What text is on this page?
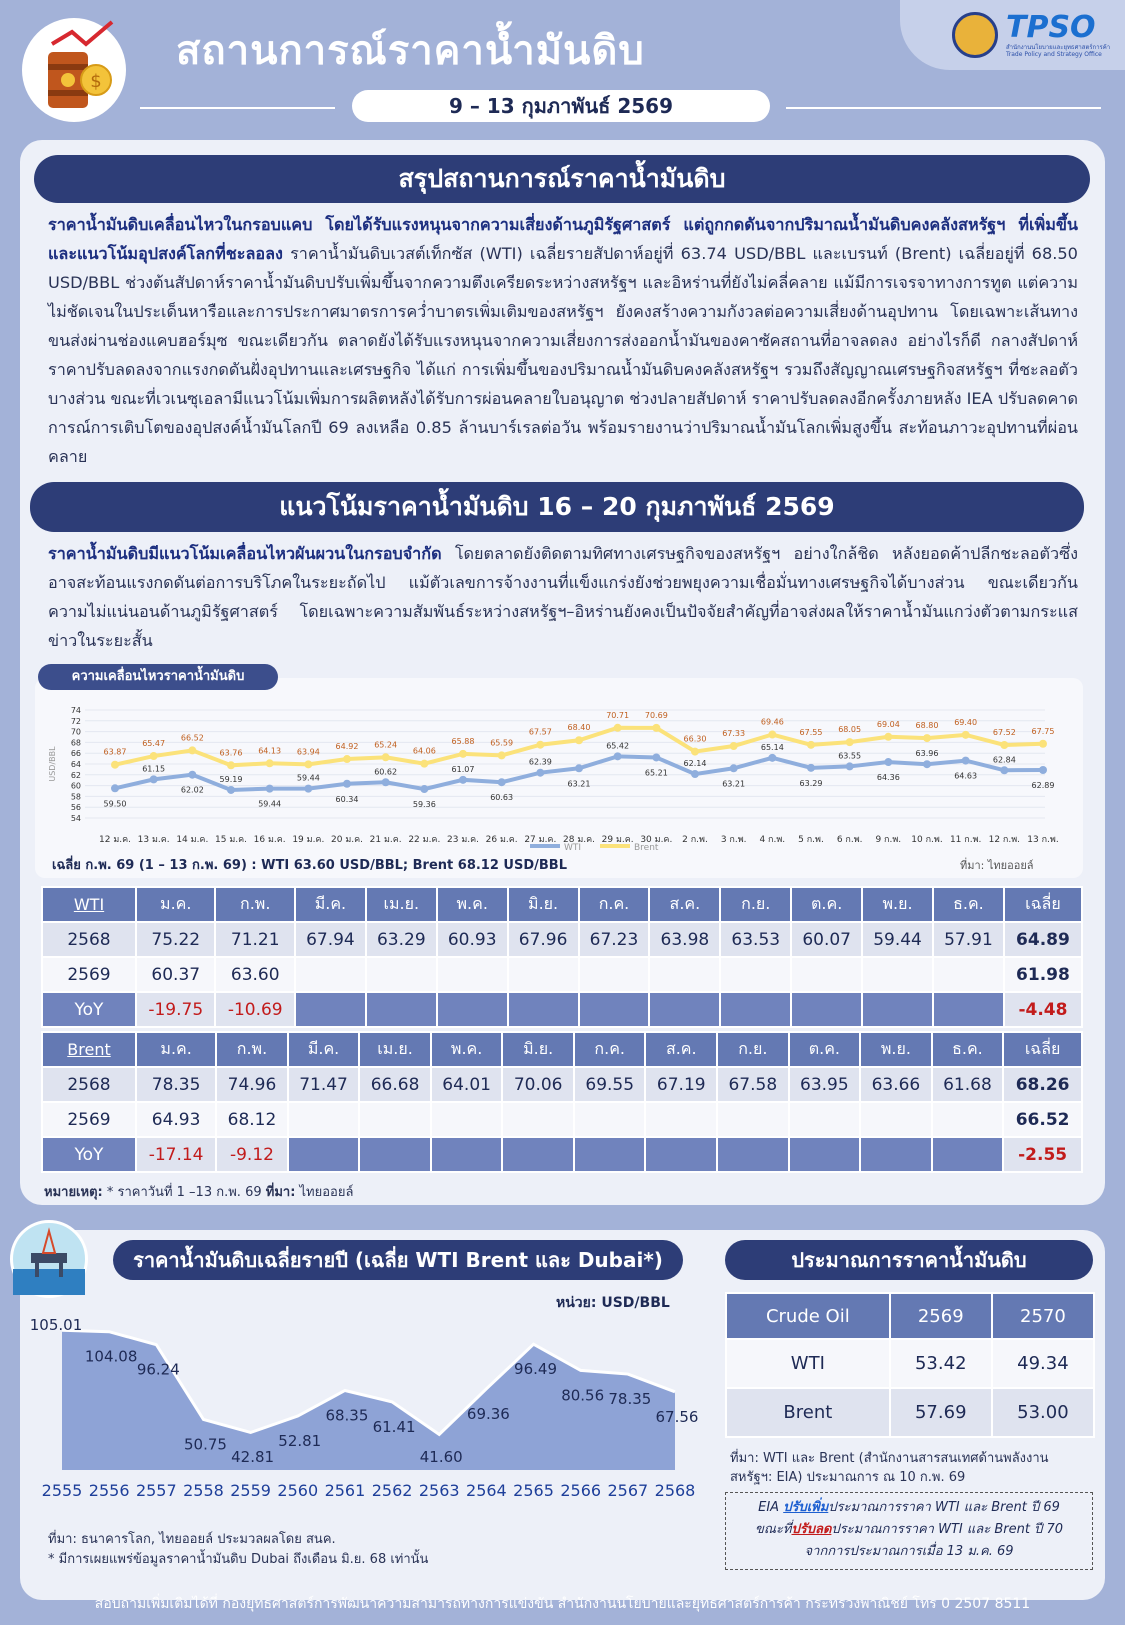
$
สถานการณ์ราคาน้ำมันดิบ
9 – 13 กุมภาพันธ์ 2569
TPSO
สำนักงานนโยบายและยุทธศาสตร์การค้า Trade Policy and Strategy Office
สรุปสถานการณ์ราคาน้ำมันดิบ
ราคาน้ำมันดิบเคลื่อนไหวในกรอบแคบ โดยได้รับแรงหนุนจากความเสี่ยงด้านภูมิรัฐศาสตร์ แต่ถูกกดดันจากปริมาณน้ำมันดิบคงคลังสหรัฐฯ ที่เพิ่มขึ้นและแนวโน้มอุปสงค์โลกที่ชะลอลง ราคาน้ำมันดิบเวสต์เท็กซัส (WTI) เฉลี่ยรายสัปดาห์อยู่ที่ 63.74 USD/BBL และเบรนท์ (Brent) เฉลี่ยอยู่ที่ 68.50 USD/BBL ช่วงต้นสัปดาห์ราคาน้ำมันดิบปรับเพิ่มขึ้นจากความตึงเครียดระหว่างสหรัฐฯ และอิหร่านที่ยังไม่คลี่คลาย แม้มีการเจรจาทางการทูต แต่ความไม่ชัดเจนในประเด็นหารือและการประกาศมาตรการคว่ำบาตรเพิ่มเติมของสหรัฐฯ ยังคงสร้างความกังวลต่อความเสี่ยงด้านอุปทาน โดยเฉพาะเส้นทางขนส่งผ่านช่องแคบฮอร์มุซ ขณะเดียวกัน ตลาดยังได้รับแรงหนุนจากความเสี่ยงการส่งออกน้ำมันของคาซัคสถานที่อาจลดลง อย่างไรก็ดี กลางสัปดาห์ราคาปรับลดลงจากแรงกดดันฝั่งอุปทานและเศรษฐกิจ ได้แก่ การเพิ่มขึ้นของปริมาณน้ำมันดิบคงคลังสหรัฐฯ รวมถึงสัญญาณเศรษฐกิจสหรัฐฯ ที่ชะลอตัวบางส่วน ขณะที่เวเนซุเอลามีแนวโน้มเพิ่มการผลิตหลังได้รับการผ่อนคลายใบอนุญาต ช่วงปลายสัปดาห์ ราคาปรับลดลงอีกครั้งภายหลัง IEA ปรับลดคาดการณ์การเติบโตของอุปสงค์น้ำมันโลกปี 69 ลงเหลือ 0.85 ล้านบาร์เรลต่อวัน พร้อมรายงานว่าปริมาณน้ำมันโลกเพิ่มสูงขึ้น สะท้อนภาวะอุปทานที่ผ่อนคลาย
แนวโน้มราคาน้ำมันดิบ 16 – 20 กุมภาพันธ์ 2569
ราคาน้ำมันดิบมีแนวโน้มเคลื่อนไหวผันผวนในกรอบจำกัด โดยตลาดยังติดตามทิศทางเศรษฐกิจของสหรัฐฯ อย่างใกล้ชิด หลังยอดค้าปลีกชะลอตัวซึ่งอาจสะท้อนแรงกดดันต่อการบริโภคในระยะถัดไป แม้ตัวเลขการจ้างงานที่แข็งแกร่งยังช่วยพยุงความเชื่อมั่นทางเศรษฐกิจได้บางส่วน ขณะเดียวกัน ความไม่แน่นอนด้านภูมิรัฐศาสตร์ โดยเฉพาะความสัมพันธ์ระหว่างสหรัฐฯ–อิหร่านยังคงเป็นปัจจัยสำคัญที่อาจส่งผลให้ราคาน้ำมันแกว่งตัวตามกระแสข่าวในระยะสั้น
ความเคลื่อนไหวราคาน้ำมันดิบ
USD/BBL
54
56
58
60
62
64
66
68
70
72
74
12 ม.ค. 13 ม.ค. 14 ม.ค. 15 ม.ค. 16 ม.ค. 19 ม.ค. 20 ม.ค. 21 ม.ค. 22 ม.ค. 23 ม.ค. 26 ม.ค. 27 ม.ค. 28 ม.ค. 29 ม.ค. 30 ม.ค. 2 ก.พ. 3 ก.พ. 4 ก.พ. 5 ก.พ. 6 ก.พ. 9 ก.พ. 10 ก.พ. 11 ก.พ. 12 ก.พ. 13 ก.พ.
59.50
61.15
62.02
59.19
59.44
59.44
60.34
60.62
59.36
61.07
60.63
62.39
63.21
65.42
65.21
62.14
63.21
65.14
63.29
63.55
64.36
63.96
64.63
62.84
62.89
WTI
63.87
65.47
66.52
63.76 64.13 63.94
64.92 65.24
64.06
65.88 65.59
67.57 68.40
70.71 70.69
66.30
67.33
69.46
67.55 68.05
69.04 68.80 69.40
67.52 67.75
Brent
เฉลี่ย ก.พ. 69 (1 – 13 ก.พ. 69) : WTI 63.60 USD/BBL; Brent 68.12 USD/BBL	ที่มา: ไทยออยล์
WTI	ม.ค.	ก.พ.	มี.ค.	เม.ย.	พ.ค.	มิ.ย.	ก.ค.	ส.ค.	ก.ย.	ต.ค.	พ.ย.	ธ.ค.	เฉลี่ย
2568	75.22	71.21	67.94	63.29	60.93	67.96	67.23	63.98	63.53	60.07	59.44	57.91	64.89
2569	60.37	63.60											61.98
YoY	-19.75	-10.69											-4.48
Brent	ม.ค.	ก.พ.	มี.ค.	เม.ย.	พ.ค.	มิ.ย.	ก.ค.	ส.ค.	ก.ย.	ต.ค.	พ.ย.	ธ.ค.	เฉลี่ย
2568	78.35	74.96	71.47	66.68	64.01	70.06	69.55	67.19	67.58	63.95	63.66	61.68	68.26
2569	64.93	68.12											66.52
YoY	-17.14	-9.12											-2.55
หมายเหตุ: * ราคาวันที่ 1 –13 ก.พ. 69 ที่มา: ไทยออยล์
ราคาน้ำมันดิบเฉลี่ยรายปี (เฉลี่ย WTI Brent และ Dubai*)
หน่วย: USD/BBL
105.01
104.08
96.24
50.75
42.81
52.81
68.35
61.41
41.60
69.36
96.49
80.56 78.35
67.56
2555 2556 2557 2558 2559 2560 2561 2562 2563 2564 2565 2566 2567 2568
ที่มา: ธนาคารโลก, ไทยออยล์ ประมวลผลโดย สนค.
* มีการเผยแพร่ข้อมูลราคาน้ำมันดิบ Dubai ถึงเดือน มิ.ย. 68 เท่านั้น
ประมาณการราคาน้ำมันดิบ
Crude Oil	2569	2570
WTI	53.42	49.34
Brent	57.69	53.00
ที่มา: WTI และ Brent (สำนักงานสารสนเทศด้านพลังงานสหรัฐฯ: EIA) ประมาณการ ณ 10 ก.พ. 69
EIA ปรับเพิ่มประมาณการราคา WTI และ Brent ปี 69
ขณะที่ปรับลดประมาณการราคา WTI และ Brent ปี 70
จากการประมาณการเมื่อ 13 ม.ค. 69
สอบถามเพิ่มเติมได้ที่ กองยุทธศาสตร์การพัฒนาความสามารถทางการแข่งขัน สำนักงานนโยบายและยุทธศาสตร์การค้า กระทรวงพาณิชย์ โทร 0 2507 8511
